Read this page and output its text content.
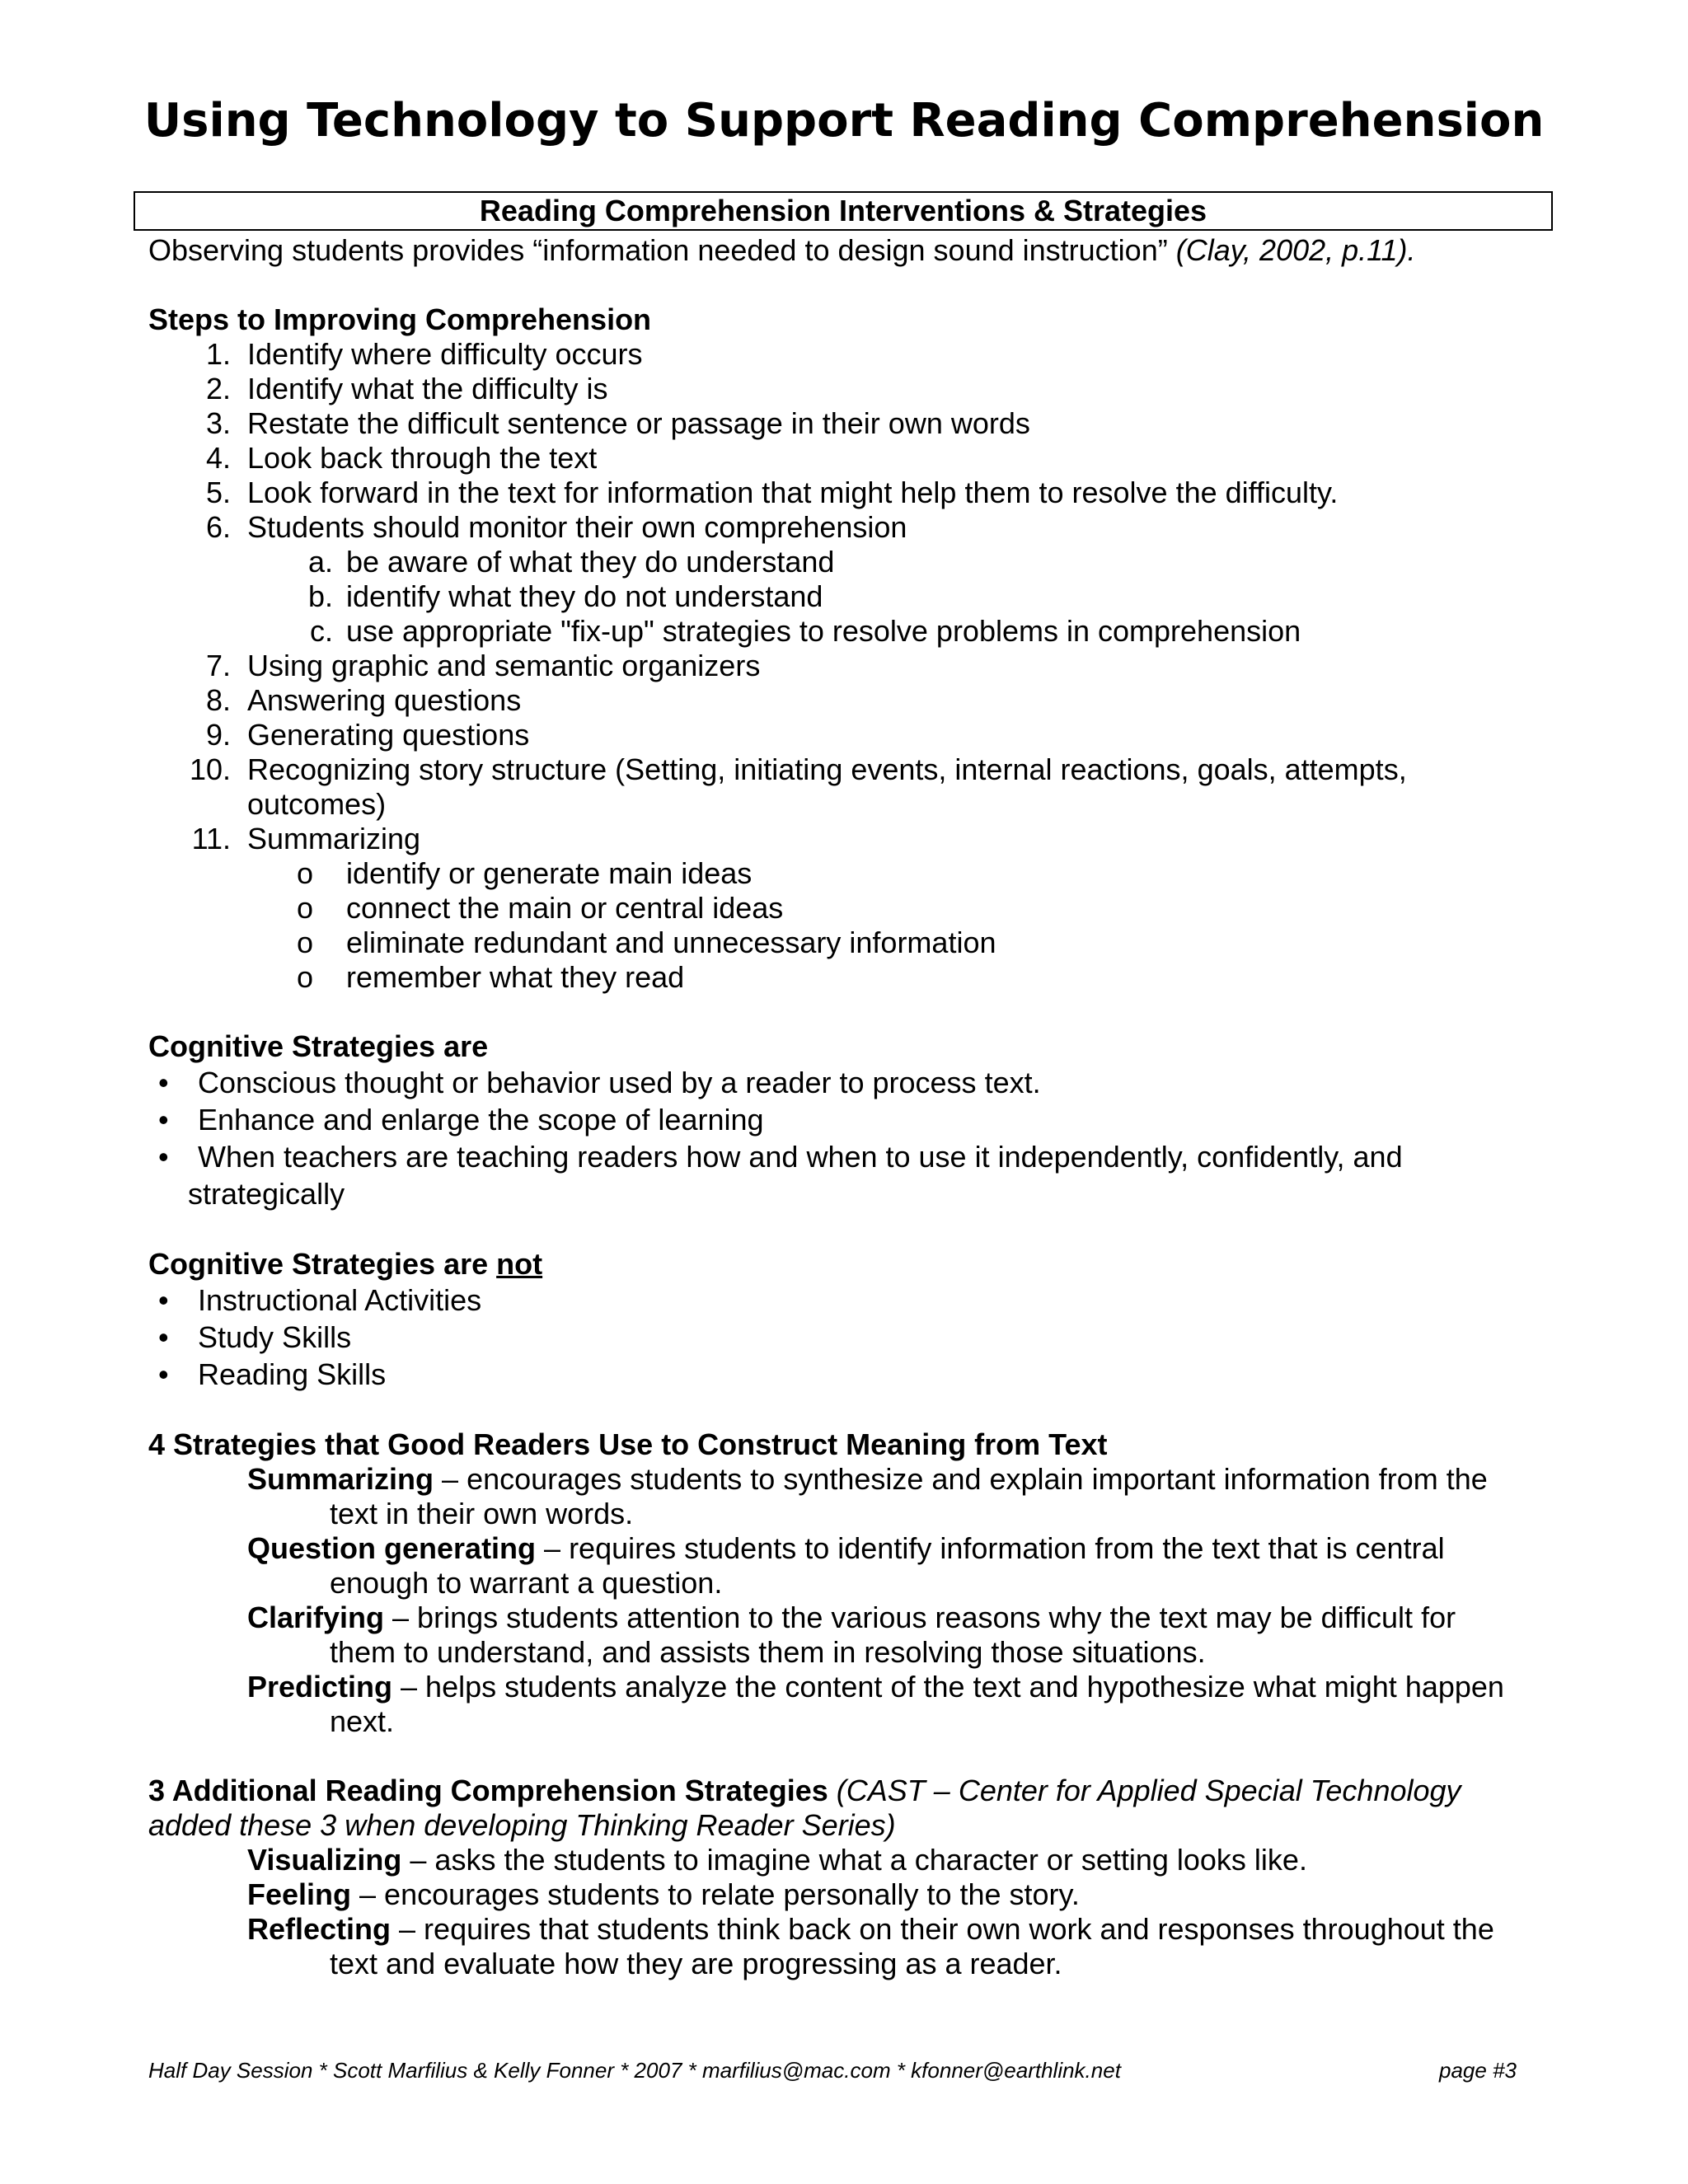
Using Technology to Support Reading Comprehension
Reading Comprehension Interventions & Strategies
Observing students provides “information needed to design sound instruction” (Clay, 2002, p.11).
Steps to Improving Comprehension
1. Identify where difficulty occurs
2. Identify what the difficulty is
3. Restate the difficult sentence or passage in their own words
4. Look back through the text
5. Look forward in the text for information that might help them to resolve the difficulty.
6. Students should monitor their own comprehension
a. be aware of what they do understand
b. identify what they do not understand
c. use appropriate "fix-up" strategies to resolve problems in comprehension
7. Using graphic and semantic organizers
8. Answering questions
9. Generating questions
10. Recognizing story structure (Setting, initiating events, internal reactions, goals, attempts,
outcomes)
11. Summarizing
o identify or generate main ideas
o connect the main or central ideas
o eliminate redundant and unnecessary information
o remember what they read
Cognitive Strategies are
• Conscious thought or behavior used by a reader to process text.
• Enhance and enlarge the scope of learning
• When teachers are teaching readers how and when to use it independently, confidently, and
strategically
Cognitive Strategies are not
• Instructional Activities
• Study Skills
• Reading Skills
4 Strategies that Good Readers Use to Construct Meaning from Text
Summarizing – encourages students to synthesize and explain important information from the
text in their own words.
Question generating – requires students to identify information from the text that is central
enough to warrant a question.
Clarifying – brings students attention to the various reasons why the text may be difficult for
them to understand, and assists them in resolving those situations.
Predicting – helps students analyze the content of the text and hypothesize what might happen
next.
3 Additional Reading Comprehension Strategies (CAST – Center for Applied Special Technology
added these 3 when developing Thinking Reader Series)
Visualizing – asks the students to imagine what a character or setting looks like.
Feeling – encourages students to relate personally to the story.
Reflecting – requires that students think back on their own work and responses throughout the
text and evaluate how they are progressing as a reader.
Half Day Session * Scott Marfilius & Kelly Fonner * 2007 * marfilius@mac.com * kfonner@earthlink.net	page #3
